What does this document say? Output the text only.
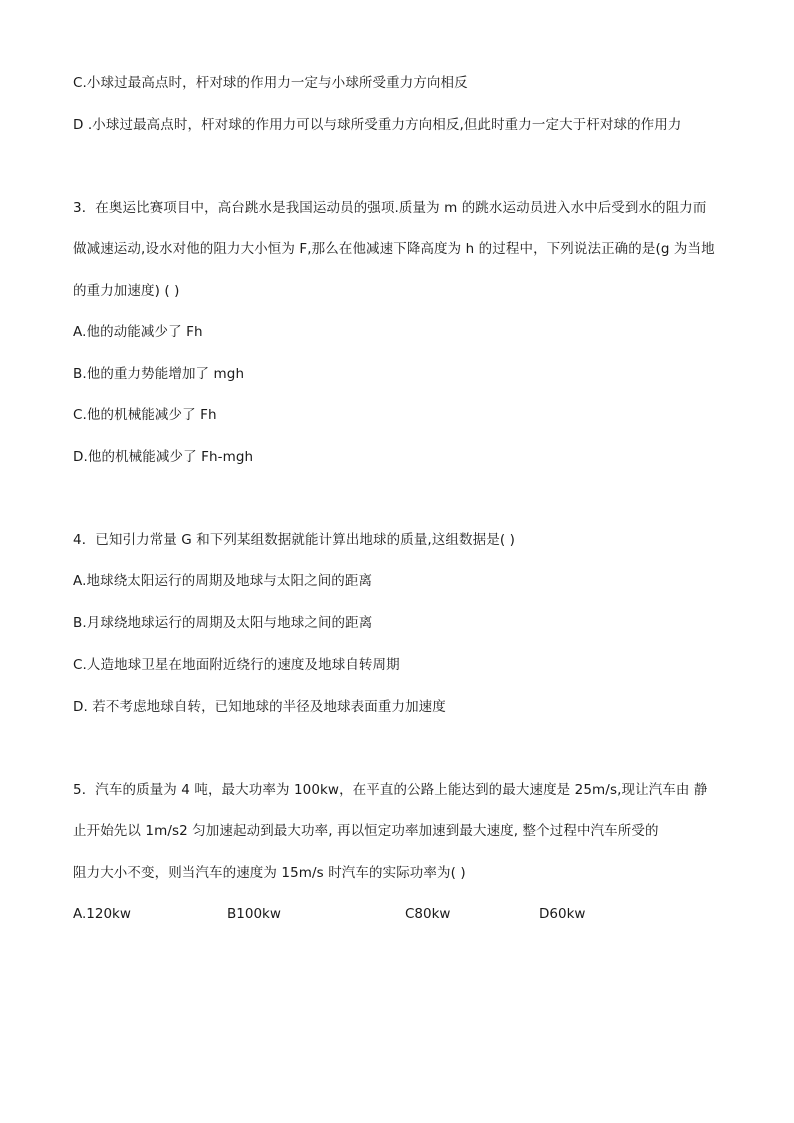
C.小球过最高点时，杆对球的作用力一定与小球所受重力方向相反
D .小球过最高点时，杆对球的作用力可以与球所受重力方向相反,但此时重力一定大于杆对球的作用力
3．在奥运比赛项目中，高台跳水是我国运动员的强项.质量为 m 的跳水运动员进入水中后受到水的阻力而
做减速运动,设水对他的阻力大小恒为 F,那么在他减速下降高度为 h 的过程中，下列说法正确的是(g 为当地
的重力加速度) ( )
A.他的动能减少了 Fh
B.他的重力势能增加了 mgh
C.他的机械能减少了 Fh
D.他的机械能减少了 Fh-mgh
4．已知引力常量 G 和下列某组数据就能计算出地球的质量,这组数据是( )
A.地球绕太阳运行的周期及地球与太阳之间的距离
B.月球绕地球运行的周期及太阳与地球之间的距离
C.人造地球卫星在地面附近绕行的速度及地球自转周期
D. 若不考虑地球自转，已知地球的半径及地球表面重力加速度
5．汽车的质量为 4 吨，最大功率为 100kw，在平直的公路上能达到的最大速度是 25m/s,现让汽车由 静
止开始先以 1m/s2 匀加速起动到最大功率, 再以恒定功率加速到最大速度, 整个过程中汽车所受的
阻力大小不变，则当汽车的速度为 15m/s 时汽车的实际功率为( )
A.120kw	B100kw	C80kw	D60kw
